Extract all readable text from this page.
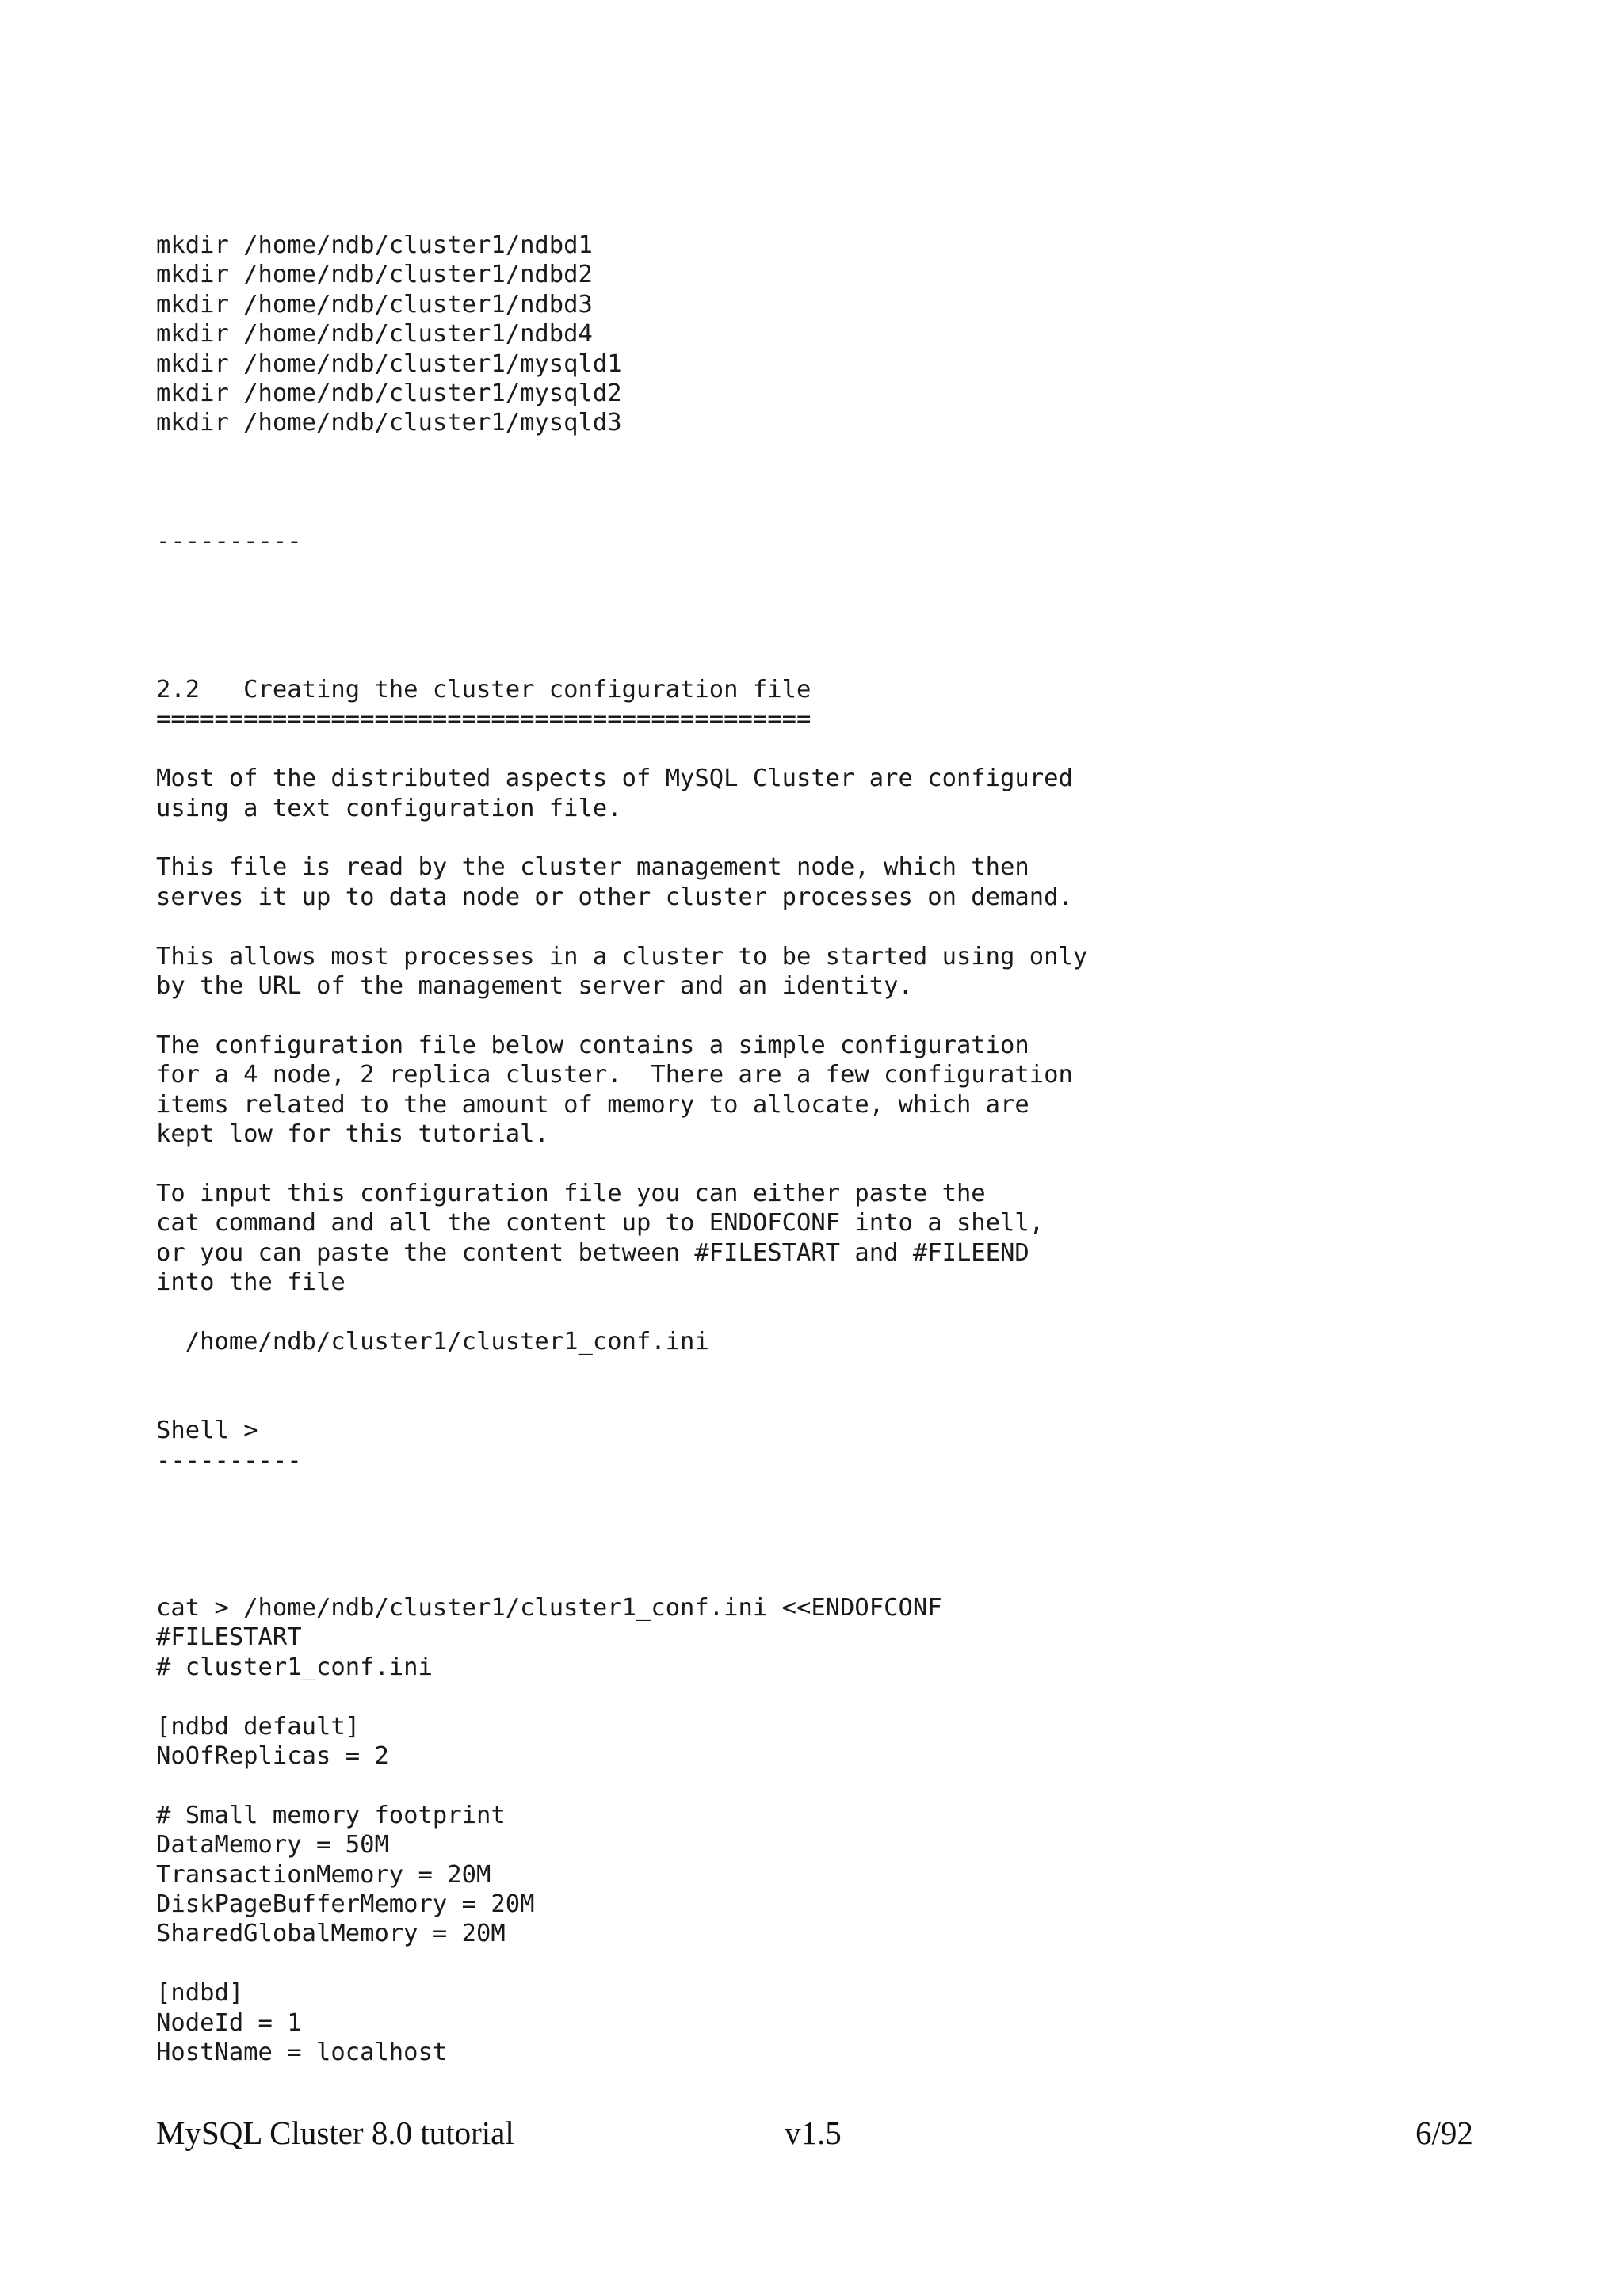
mkdir /home/ndb/cluster1/ndbd1
mkdir /home/ndb/cluster1/ndbd2
mkdir /home/ndb/cluster1/ndbd3
mkdir /home/ndb/cluster1/ndbd4
mkdir /home/ndb/cluster1/mysqld1
mkdir /home/ndb/cluster1/mysqld2
mkdir /home/ndb/cluster1/mysqld3
----------
2.2   Creating the cluster configuration file
=============================================

Most of the distributed aspects of MySQL Cluster are configured
using a text configuration file.

This file is read by the cluster management node, which then
serves it up to data node or other cluster processes on demand.

This allows most processes in a cluster to be started using only
by the URL of the management server and an identity.

The configuration file below contains a simple configuration
for a 4 node, 2 replica cluster.  There are a few configuration
items related to the amount of memory to allocate, which are
kept low for this tutorial.

To input this configuration file you can either paste the
cat command and all the content up to ENDOFCONF into a shell,
or you can paste the content between #FILESTART and #FILEEND
into the file

/home/ndb/cluster1/cluster1_conf.ini

Shell >
----------
cat > /home/ndb/cluster1/cluster1_conf.ini <<ENDOFCONF
#FILESTART
# cluster1_conf.ini

[ndbd default]
NoOfReplicas = 2

# Small memory footprint
DataMemory = 50M
TransactionMemory = 20M
DiskPageBufferMemory = 20M
SharedGlobalMemory = 20M

[ndbd]
NodeId = 1
HostName = localhost
MySQL Cluster 8.0 tutorial	v1.5	6/92
